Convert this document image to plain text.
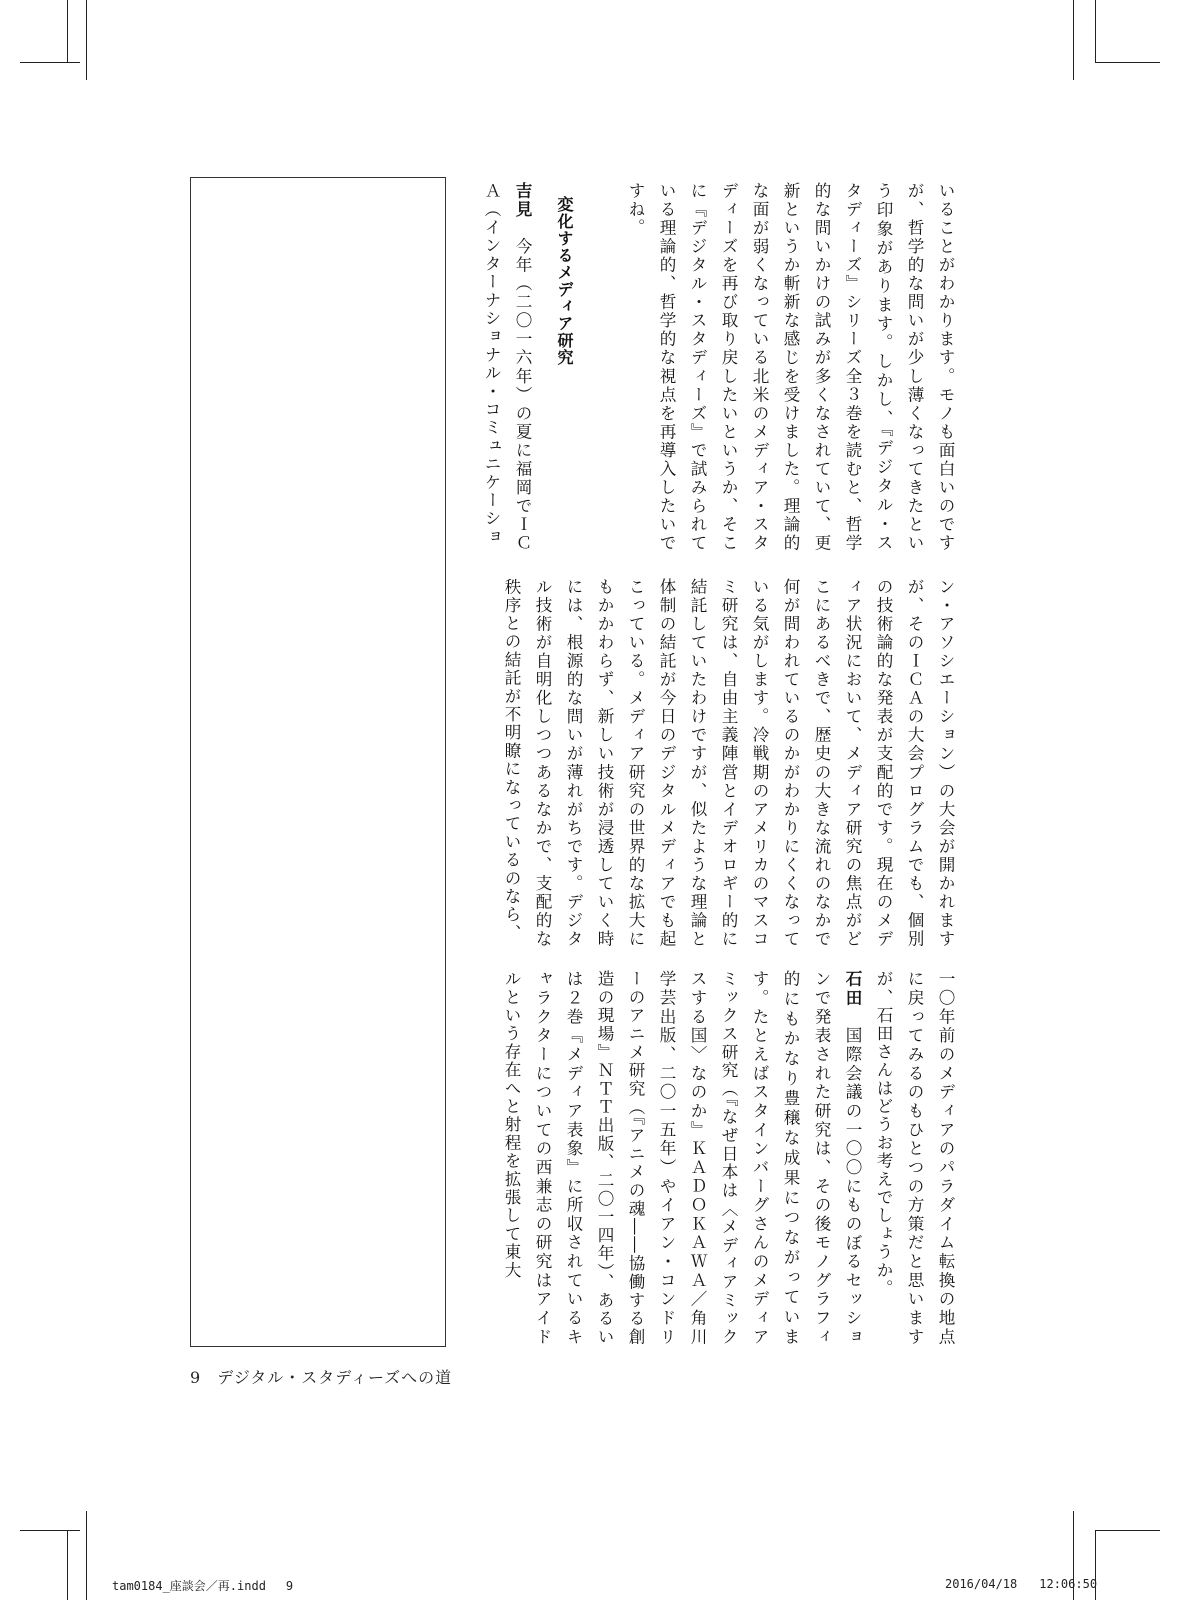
いることがわかります。モノも面白いのですが、哲学的な問いが少し薄くなってきたという印象があります。しかし、『デジタル・スタディーズ』シリーズ全３巻を読むと、哲学的な問いかけの試みが多くなされていて、更新というか斬新な感じを受けました。理論的な面が弱くなっている北米のメディア・スタディーズを再び取り戻したいというか、そこに『デジタル・スタディーズ』で試みられている理論的、哲学的な視点を再導入したいですね。
変化するメディア研究
吉見　今年（二〇一六年）の夏に福岡でＩＣＡ（インターナショナル・コミュニケーショ
ン・アソシエーション）の大会が開かれますが、そのＩＣＡの大会プログラムでも、個別の技術論的な発表が支配的です。現在のメディア状況において、メディア研究の焦点がどこにあるべきで、歴史の大きな流れのなかで何が問われているのかがわかりにくくなっている気がします。冷戦期のアメリカのマスコミ研究は、自由主義陣営とイデオロギー的に結託していたわけですが、似たような理論と体制の結託が今日のデジタルメディアでも起こっている。メディア研究の世界的な拡大にもかかわらず、新しい技術が浸透していく時には、根源的な問いが薄れがちです。デジタル技術が自明化しつつあるなかで、支配的な秩序との結託が不明瞭になっているのなら、
一〇年前のメディアのパラダイム転換の地点に戻ってみるのもひとつの方策だと思いますが、石田さんはどうお考えでしょうか。
石田　国際会議の一〇〇にものぼるセッションで発表された研究は、その後モノグラフィ的にもかなり豊穣な成果につながっています。たとえばスタインバーグさんのメディアミックス研究（『なぜ日本は〈メディアミックスする国〉なのか』ＫＡＤＯＫＡＷＡ／角川学芸出版、二〇一五年）やイアン・コンドリーのアニメ研究（『アニメの魂――協働する創造の現場』ＮＴＴ出版、二〇一四年）、あるいは２巻『メディア表象』に所収されているキャラクターについての西兼志の研究はアイドルという存在へと射程を拡張して東大
9 デジタル・スタディーズへの道
tam0184_座談会／再.indd 9	2016/04/18 12:06:50
